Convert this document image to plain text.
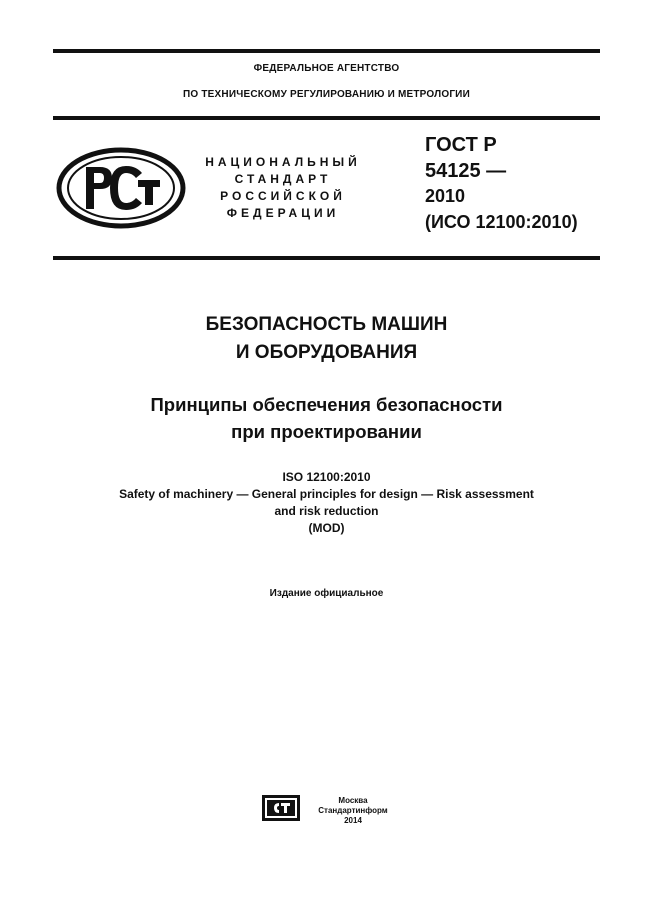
ФЕДЕРАЛЬНОЕ АГЕНТСТВО
ПО ТЕХНИЧЕСКОМУ РЕГУЛИРОВАНИЮ И МЕТРОЛОГИИ
РСТ
НАЦИОНАЛЬНЫЙ
СТАНДАРТ
РОССИЙСКОЙ
ФЕДЕРАЦИИ
ГОСТ Р
54125 —
2010
(ИСО 12100:2010)
БЕЗОПАСНОСТЬ МАШИН
И ОБОРУДОВАНИЯ
Принципы обеспечения безопасности
при проектировании
ISO 12100:2010
Safety of machinery — General principles for design — Risk assessment
and risk reduction
(MOD)
Издание официальное
Москва
Стандартинформ
2014
